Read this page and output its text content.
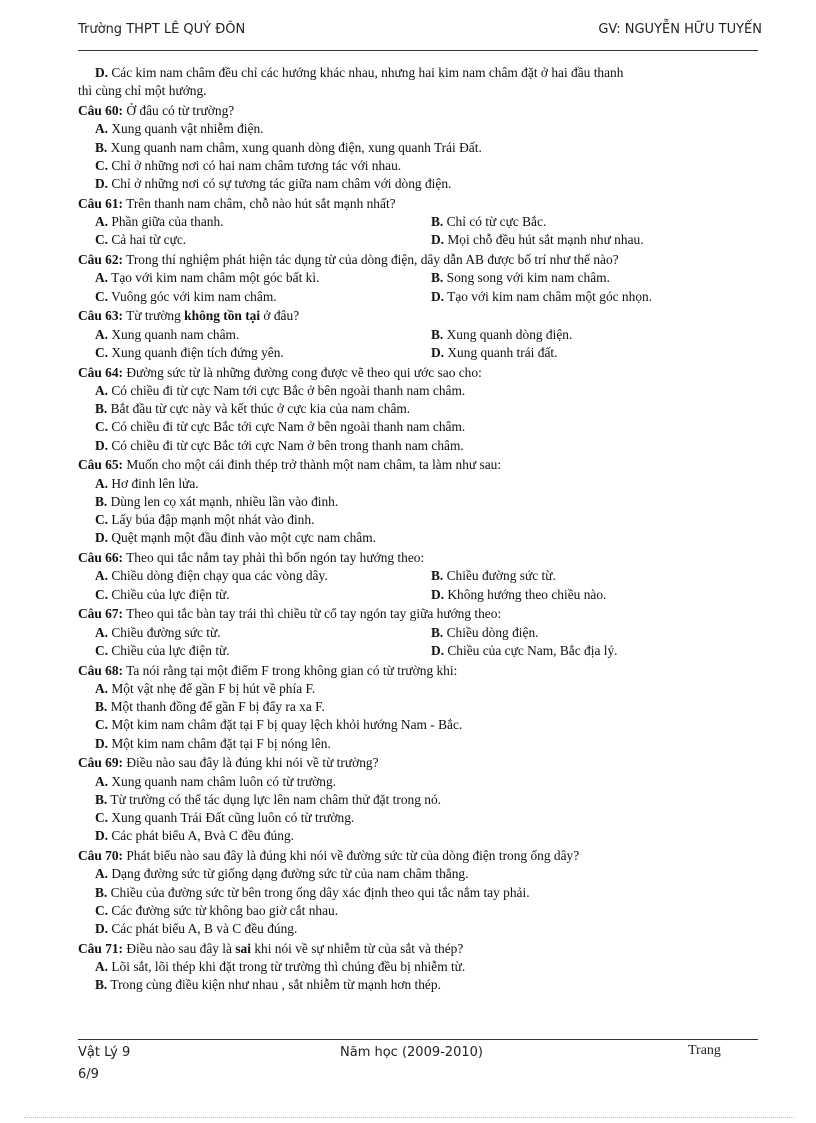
Trường THPT LÊ QUÝ ĐÔN	GV: NGUYỄN HỮU TUYẾN
D. Các kim nam châm đều chỉ các hướng khác nhau, nhưng hai kim nam châm đặt ở hai đầu thanh
thì cùng chỉ một hướng.
Câu 60: Ở đâu có từ trường?
A. Xung quanh vật nhiễm điện.
B. Xung quanh nam châm, xung quanh dòng điện, xung quanh Trái Đất.
C. Chỉ ở những nơi có hai nam châm tương tác với nhau.
D. Chỉ ở những nơi có sự tương tác giữa nam châm với dòng điện.
Câu 61: Trên thanh nam châm, chỗ nào hút sắt mạnh nhất?
A. Phần giữa của thanh.	B. Chỉ có từ cực Bắc.
C. Cả hai từ cực.	D. Mọi chỗ đều hút sắt mạnh như nhau.
Câu 62: Trong thí nghiệm phát hiện tác dụng từ của dòng điện, dây dẫn AB được bố trí như thế nào?
A. Tạo với kim nam châm một góc bất kì.	B. Song song với kim nam châm.
C. Vuông góc với kim nam châm.	D. Tạo với kim nam châm một góc nhọn.
Câu 63: Từ trường không tồn tại ở đâu?
A. Xung quanh nam châm.	B. Xung quanh dòng điện.
C. Xung quanh điện tích đứng yên.	D. Xung quanh trái đất.
Câu 64: Đường sức từ là những đường cong được vẽ theo qui ước sao cho:
A. Có chiều đi từ cực Nam tới cực Bắc ở bên ngoài thanh nam châm.
B. Bắt đầu từ cực này và kết thúc ở cực kia của nam châm.
C. Có chiều đi từ cực Bắc tới cực Nam ở bên ngoài thanh nam châm.
D. Có chiều đi từ cực Bắc tới cực Nam ở bên trong thanh nam châm.
Câu 65: Muốn cho một cái đinh thép trở thành một nam châm, ta làm như sau:
A. Hơ đinh lên lửa.
B. Dùng len cọ xát mạnh, nhiều lần vào đinh.
C. Lấy búa đập mạnh một nhát vào đinh.
D. Quệt mạnh một đầu đinh vào một cực nam châm.
Câu 66: Theo qui tắc nắm tay phải thì bốn ngón tay hướng theo:
A. Chiều dòng điện chạy qua các vòng dây.	B. Chiều đường sức từ.
C. Chiều của lực điện từ.	D. Không hướng theo chiều nào.
Câu 67: Theo qui tắc bàn tay trái thì chiều từ cổ tay ngón tay giữa hướng theo:
A. Chiều đường sức từ.	B. Chiều dòng điện.
C. Chiều của lực điện từ.	D. Chiều của cực Nam, Bắc địa lý.
Câu 68: Ta nói rằng tại một điểm F trong không gian có từ trường khi:
A. Một vật nhẹ để gần F bị hút về phía F.
B. Một thanh đồng để gần F bị đẩy ra xa F.
C. Một kim nam châm đặt tại F bị quay lệch khỏi hướng Nam - Bắc.
D. Một kim nam châm đặt tại F bị nóng lên.
Câu 69: Điều nào sau đây là đúng khi nói về từ trường?
A. Xung quanh nam châm luôn có từ trường.
B. Từ trường có thể tác dụng lực lên nam châm thử đặt trong nó.
C. Xung quanh Trái Đất cũng luôn có từ trường.
D. Các phát biểu A, Bvà C đều đúng.
Câu 70: Phát biểu nào sau đây là đúng khi nói về đường sức từ của dòng điện trong ống dây?
A. Dạng đường sức từ giống dạng đường sức từ của nam châm thẳng.
B. Chiều của đường sức từ bên trong ống dây xác định theo qui tắc nắm tay phải.
C. Các đường sức từ không bao giờ cắt nhau.
D. Các phát biểu A, B và C đều đúng.
Câu 71: Điều nào sau đây là sai khi nói về sự nhiễm từ của sắt và thép?
A. Lõi sắt, lõi thép khi đặt trong từ trường thì chúng đều bị nhiễm từ.
B. Trong cùng điều kiện như nhau , sắt nhiễm từ mạnh hơn thép.
Vật Lý 9	Năm học (2009-2010)	Trang
6/9
